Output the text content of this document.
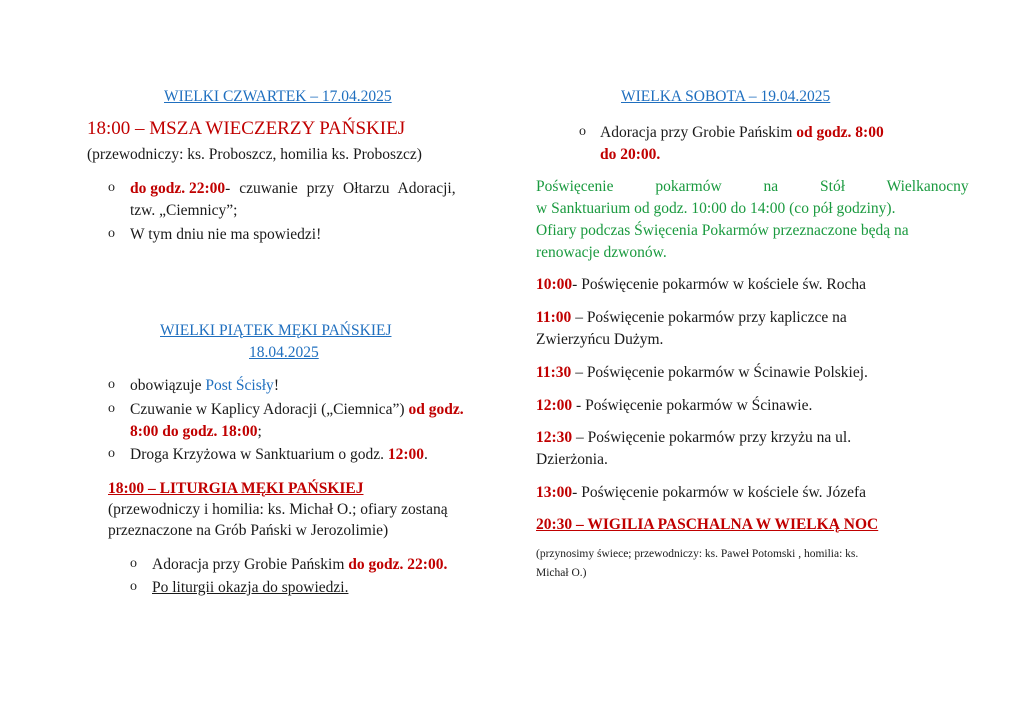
WIELKI CZWARTEK – 17.04.2025
18:00 – MSZA WIECZERZY PAŃSKIEJ
(przewodniczy: ks. Proboszcz, homilia ks. Proboszcz)
o do godz. 22:00- czuwanie przy Ołtarzu Adoracji,
tzw. „Ciemnicy”;
o W tym dniu nie ma spowiedzi!
WIELKI PIĄTEK MĘKI PAŃSKIEJ
18.04.2025
o obowiązuje Post Ścisły!
o Czuwanie w Kaplicy Adoracji („Ciemnica”) od godz.
8:00 do godz. 18:00;
o Droga Krzyżowa w Sanktuarium o godz. 12:00.
18:00 – LITURGIA MĘKI PAŃSKIEJ
(przewodniczy i homilia: ks. Michał O.; ofiary zostaną
przeznaczone na Grób Pański w Jerozolimie)
o Adoracja przy Grobie Pańskim do godz. 22:00.
o Po liturgii okazja do spowiedzi.
WIELKA SOBOTA – 19.04.2025
o Adoracja przy Grobie Pańskim od godz. 8:00
do 20:00.
Poświęcenie pokarmów na Stół Wielkanocny
w Sanktuarium od godz. 10:00 do 14:00 (co pół godziny).
Ofiary podczas Święcenia Pokarmów przeznaczone będą na
renowacje dzwonów.
10:00- Poświęcenie pokarmów w kościele św. Rocha
11:00 – Poświęcenie pokarmów przy kapliczce na
Zwierzyńcu Dużym.
11:30 – Poświęcenie pokarmów w Ścinawie Polskiej.
12:00 - Poświęcenie pokarmów w Ścinawie.
12:30 – Poświęcenie pokarmów przy krzyżu na ul.
Dzierżonia.
13:00- Poświęcenie pokarmów w kościele św. Józefa
20:30 – WIGILIA PASCHALNA W WIELKĄ NOC
(przynosimy świece; przewodniczy: ks. Paweł Potomski , homilia: ks.
Michał O.)
